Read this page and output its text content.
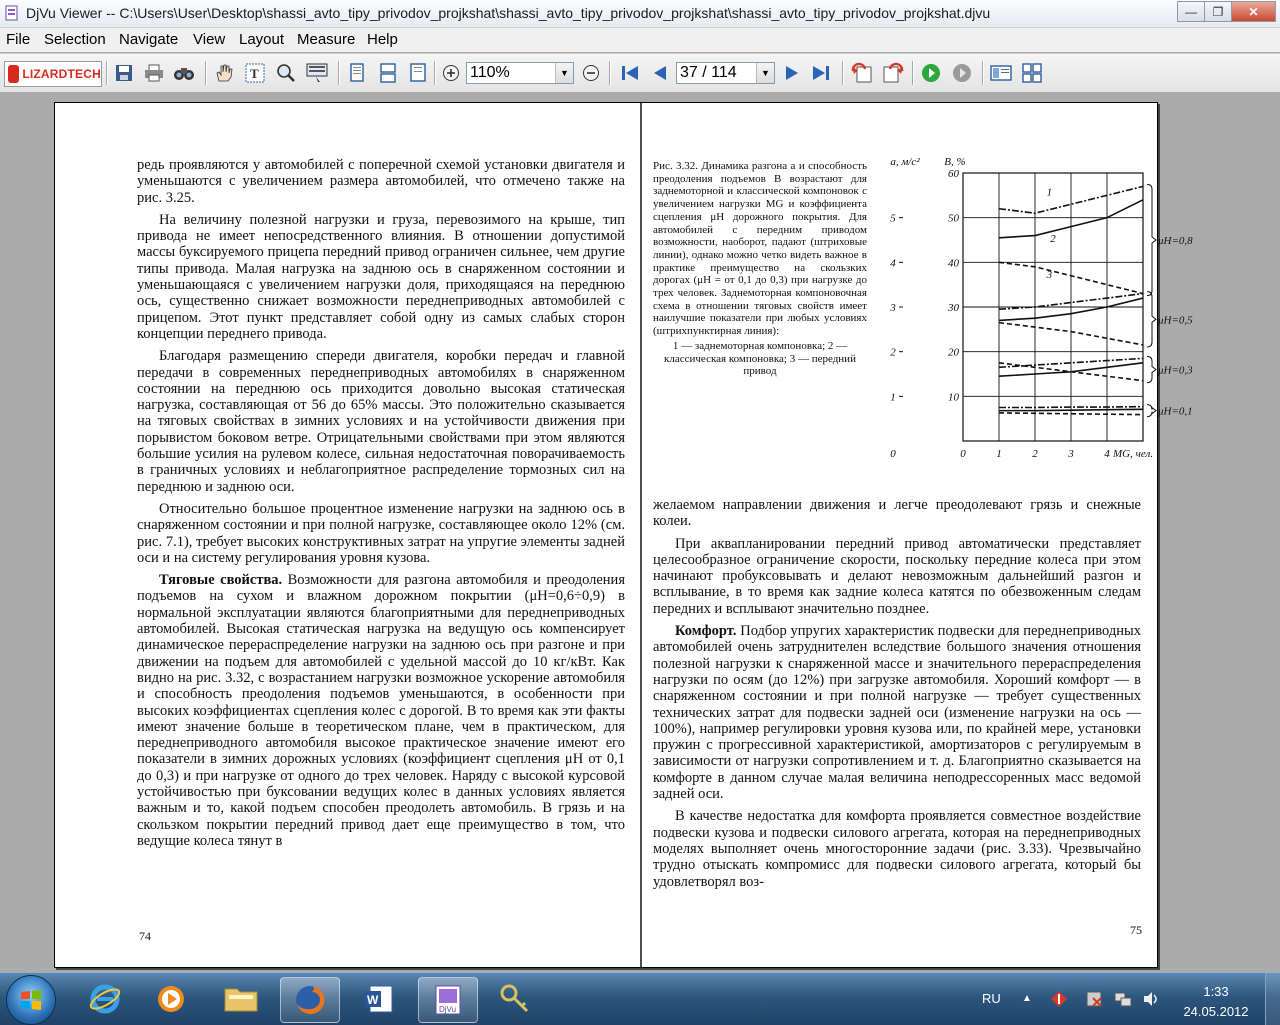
DjVu Viewer -- C:\Users\User\Desktop\shassi_avto_tipy_privodov_projkshat\shassi_avto_tipy_privodov_projkshat\shassi_avto_tipy_privodov_projkshat.djvu	—	❐	✕
File Selection Navigate View Layout Measure Help
LIZARDTECH	T	110%	▼	37 / 114	▼

редь проявляются у автомобилей с поперечной схемой установки двигателя и уменьшаются с увеличением размера автомобилей, что отмечено также на рис. 3.25.

На величину полезной нагрузки и груза, перевозимого на крыше, тип привода не имеет непосредственного влияния. В отношении допустимой массы буксируемого прицепа передний привод ограничен сильнее, чем другие типы привода. Малая нагрузка на заднюю ось в снаряженном состоянии и уменьшающаяся с увеличением нагрузки доля, приходящаяся на переднюю ось, существенно снижает возможности переднеприводных автомобилей с прицепом. Этот пункт представляет собой одну из самых слабых сторон концепции переднего привода.

Благодаря размещению спереди двигателя, коробки передач и главной передачи в современных переднеприводных автомобилях в снаряженном состоянии на переднюю ось приходится довольно высокая статическая нагрузка, составляющая от 56 до 65% массы. Это положительно сказывается на тяговых свойствах в зимних условиях и на устойчивости движения при порывистом боковом ветре. Отрицательными свойствами при этом являются большие усилия на рулевом колесе, сильная недостаточная поворачиваемость в граничных условиях и неблагоприятное распределение тормозных сил на переднюю и заднюю оси.

Относительно большое процентное изменение нагрузки на заднюю ось в снаряженном состоянии и при полной нагрузке, составляющее около 12% (см. рис. 7.1), требует высоких конструктивных затрат на упругие элементы задней оси и на систему регулирования уровня кузова.

Тяговые свойства. Возможности для разгона автомобиля и преодоления подъемов на сухом и влажном дорожном покрытии (μH=0,6÷0,9) в нормальной эксплуатации являются благоприятными для переднеприводных автомобилей. Высокая статическая нагрузка на ведущую ось компенсирует динамическое перераспределение нагрузки на заднюю ось при разгоне и при движении на подъем для автомобилей с удельной массой до 10 кг/кВт. Как видно на рис. 3.32, с возрастанием нагрузки возможное ускорение автомобиля и способность преодоления подъемов уменьшаются, в особенности при высоких коэффициентах сцепления колес с дорогой. В то время как эти факты имеют значение больше в теоретическом плане, чем в практическом, для переднеприводного автомобиля высокое практическое значение имеют его показатели в зимних дорожных условиях (коэффициент сцепления μH от 0,1 до 0,3) и при нагрузке от одного до трех человек. Наряду с высокой курсовой устойчивостью при буксовании ведущих колес в данных условиях является важным и то, какой подъем способен преодолеть автомобиль. В грязь и на скользком покрытии передний привод дает еще преимущество в том, что ведущие колеса тянут в

Рис. 3.32. Динамика разгона a и способность преодоления подъемов B возрастают для заднемоторной и классической компоновок с увеличением нагрузки MG и коэффициента сцепления μH дорожного покрытия. Для автомобилей с передним приводом возможности, наоборот, падают (штриховые линии), однако можно четко видеть важное в практике преимущество на скользких дорогах (μH = от 0,1 до 0,3) при нагрузке до трех человек. Заднемоторная компоновочная схема в отношении тяговых свойств имеет наилучшие показатели при любых условиях (штрихпунктирная линия):
1 — заднемоторная компоновка; 2 — классическая компоновка; 3 — передний привод
10
20
30
40
50
60
0
1
2
3
4
5
0	1	2	3	4
a, м/с² B, %
MG, чел.
μH=0,8
μH=0,5
μH=0,3
μH=0,1
1
2
3

желаемом направлении движения и легче преодолевают грязь и снежные колеи.

При аквапланировании передний привод автоматически представляет целесообразное ограничение скорости, поскольку передние колеса при этом начинают пробуксовывать и делают невозможным дальнейший разгон и всплывание, в то время как задние колеса катятся по обезвоженным следам передних и всплывают значительно позднее.

Комфорт. Подбор упругих характеристик подвески для переднеприводных автомобилей очень затруднителен вследствие большого значения отношения полезной нагрузки к снаряженной массе и значительного перераспределения нагрузки по осям (до 12%) при загрузке автомобиля. Хороший комфорт — в снаряженном состоянии и при полной нагрузке — требует существенных технических затрат для подвески задней оси (изменение нагрузки на ось — 100%), например регулировки уровня кузова или, по крайней мере, установки пружин с прогрессивной характеристикой, амортизаторов с регулируемым в зависимости от нагрузки сопротивлением и т. д. Благоприятно сказывается на комфорте в данном случае малая величина неподрессоренных масс ведомой задней оси.

В качестве недостатка для комфорта проявляется совместное воздействие подвески кузова и подвески силового агрегата, которая на переднеприводных моделях выполняет очень многосторонние задачи (рис. 3.33). Чрезвычайно трудно отыскать компромисс для подвески силового агрегата, который бы удовлетворял воз-

74	75
W
DjVu
RU ▲	1:33
24.05.2012
